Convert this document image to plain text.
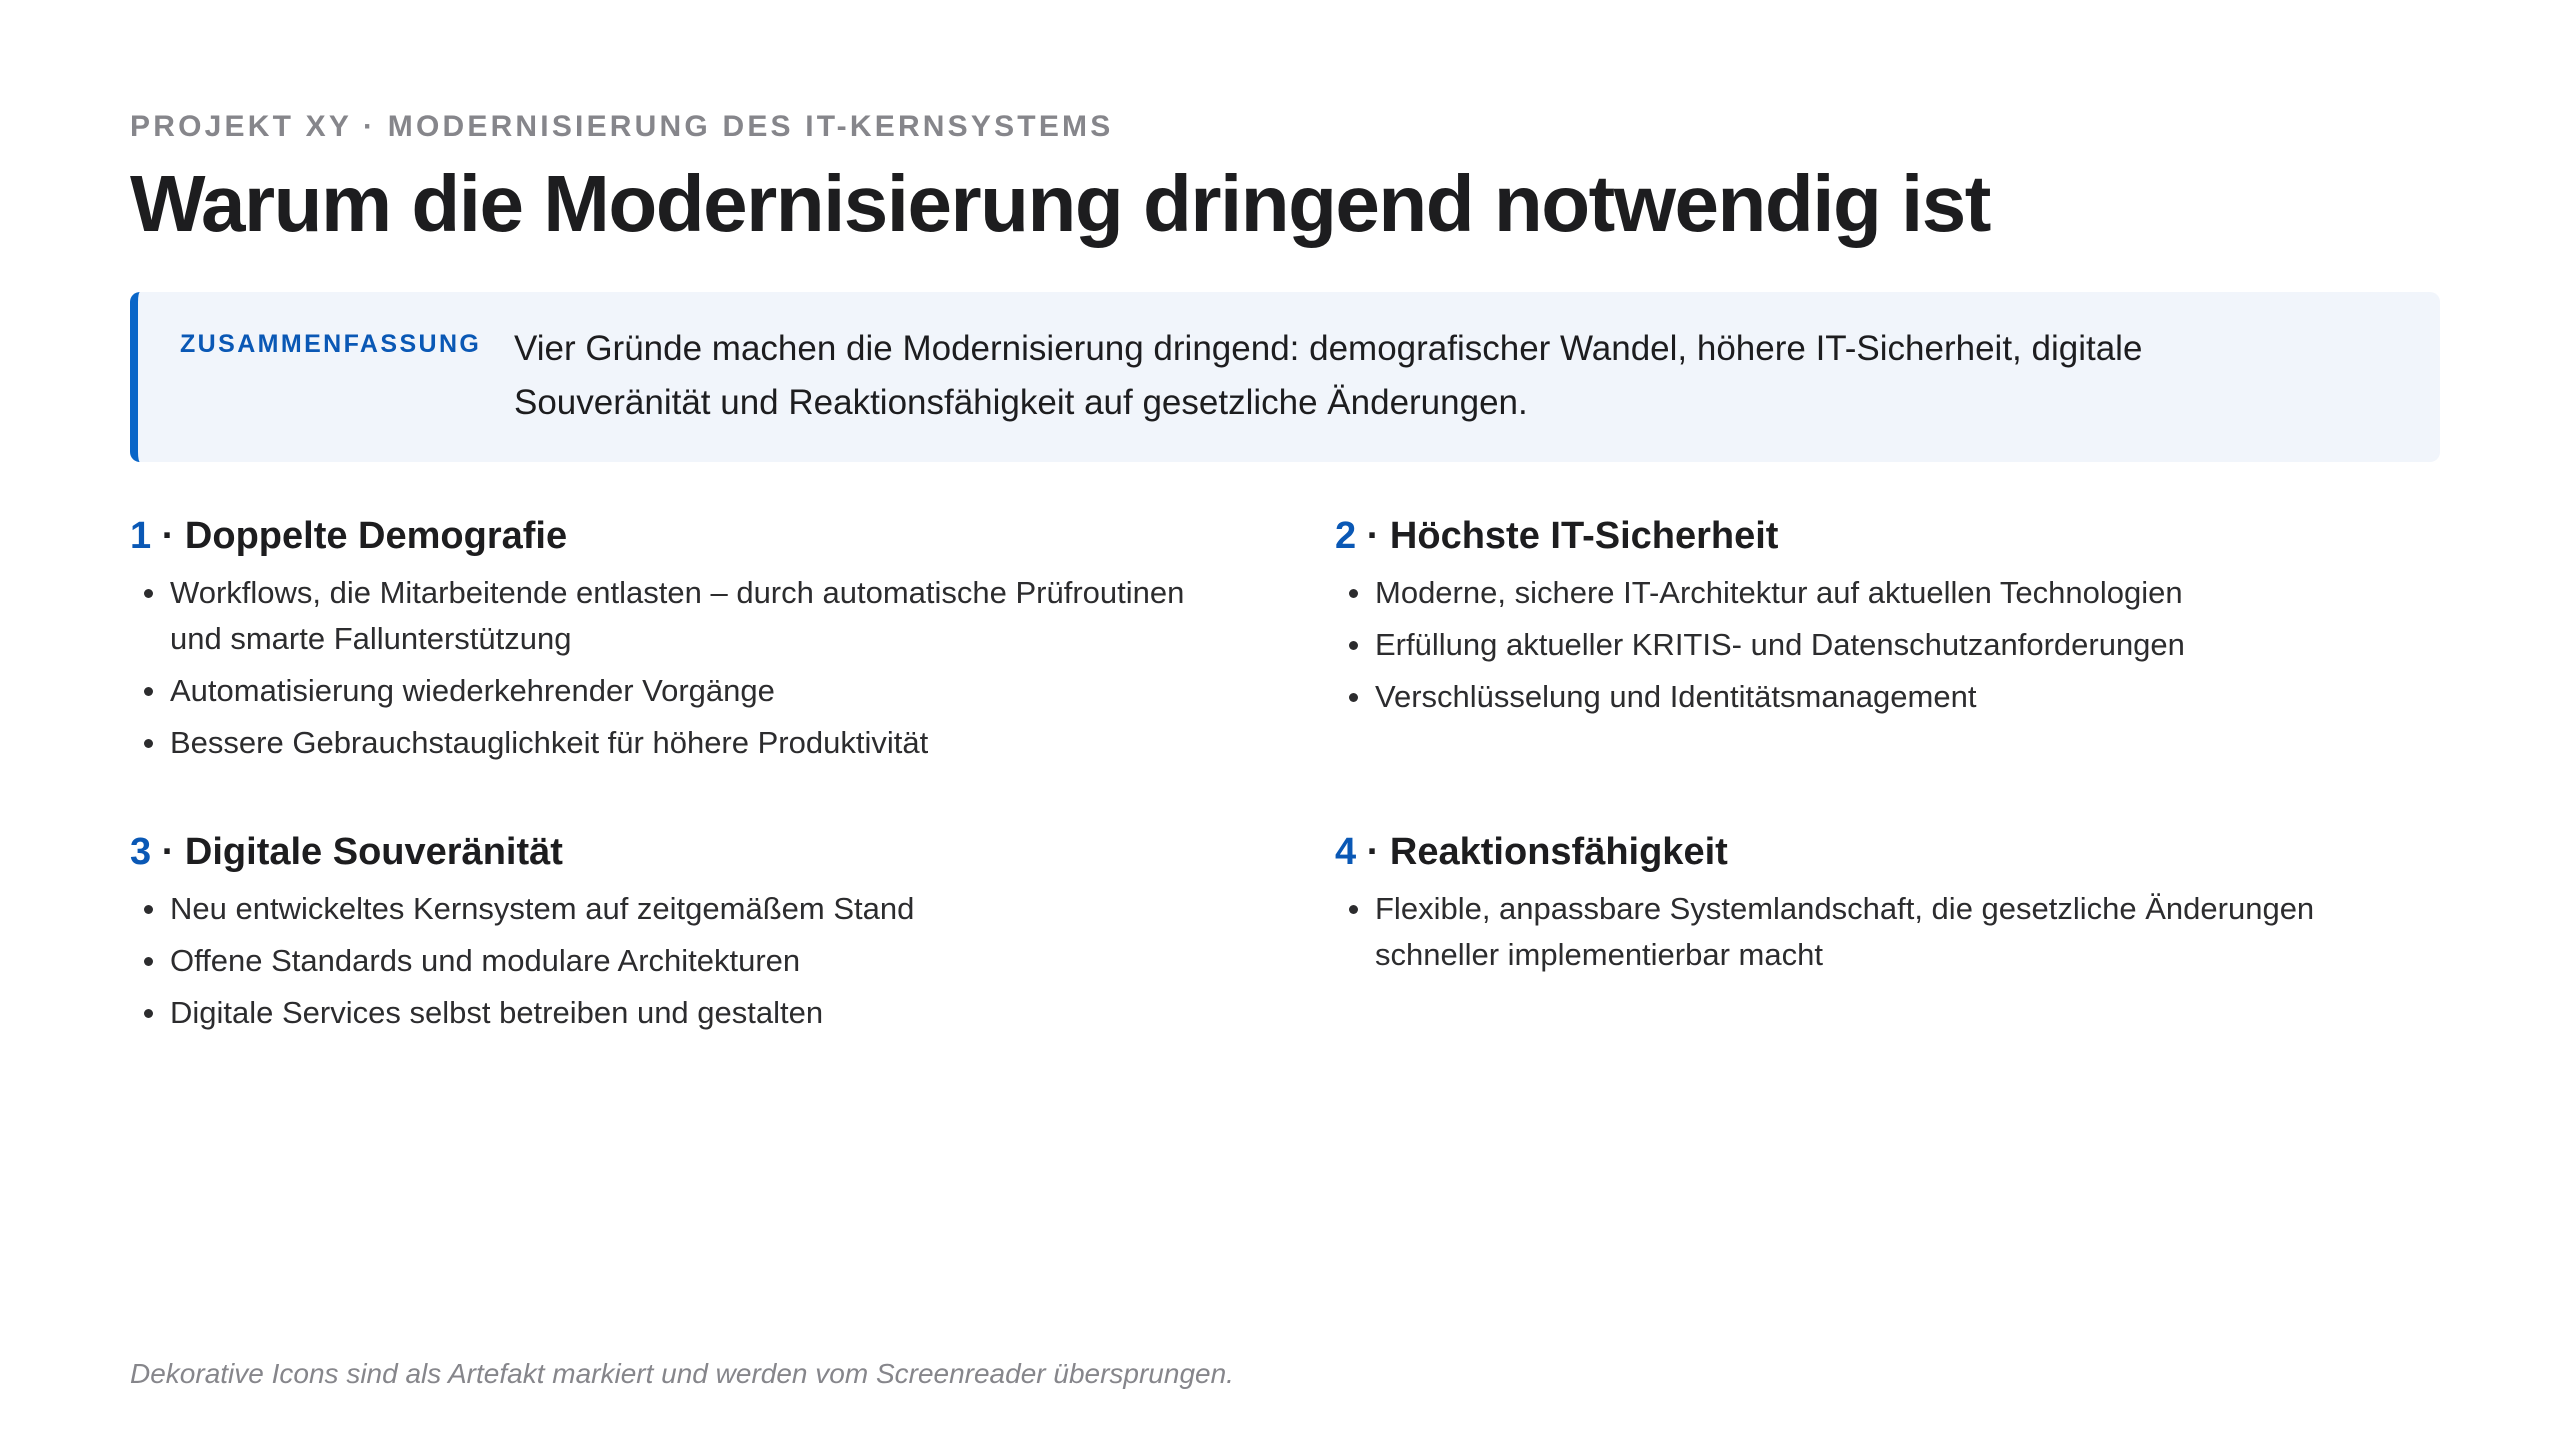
PROJEKT XY · MODERNISIERUNG DES IT-KERNSYSTEMS
Warum die Modernisierung dringend notwendig ist
ZUSAMMENFASSUNG Vier Gründe machen die Modernisierung dringend: demografischer Wandel, höhere IT-Sicherheit, digitale Souveränität und Reaktionsfähigkeit auf gesetzliche Änderungen.
1 · Doppelte Demografie
Workflows, die Mitarbeitende entlasten – durch automatische Prüfroutinen und smarte Fallunterstützung
Automatisierung wiederkehrender Vorgänge
Bessere Gebrauchstauglichkeit für höhere Produktivität
2 · Höchste IT-Sicherheit
Moderne, sichere IT-Architektur auf aktuellen Technologien
Erfüllung aktueller KRITIS- und Datenschutzanforderungen
Verschlüsselung und Identitätsmanagement
3 · Digitale Souveränität
Neu entwickeltes Kernsystem auf zeitgemäßem Stand
Offene Standards und modulare Architekturen
Digitale Services selbst betreiben und gestalten
4 · Reaktionsfähigkeit
Flexible, anpassbare Systemlandschaft, die gesetzliche Änderungen schneller implementierbar macht
Dekorative Icons sind als Artefakt markiert und werden vom Screenreader übersprungen.
